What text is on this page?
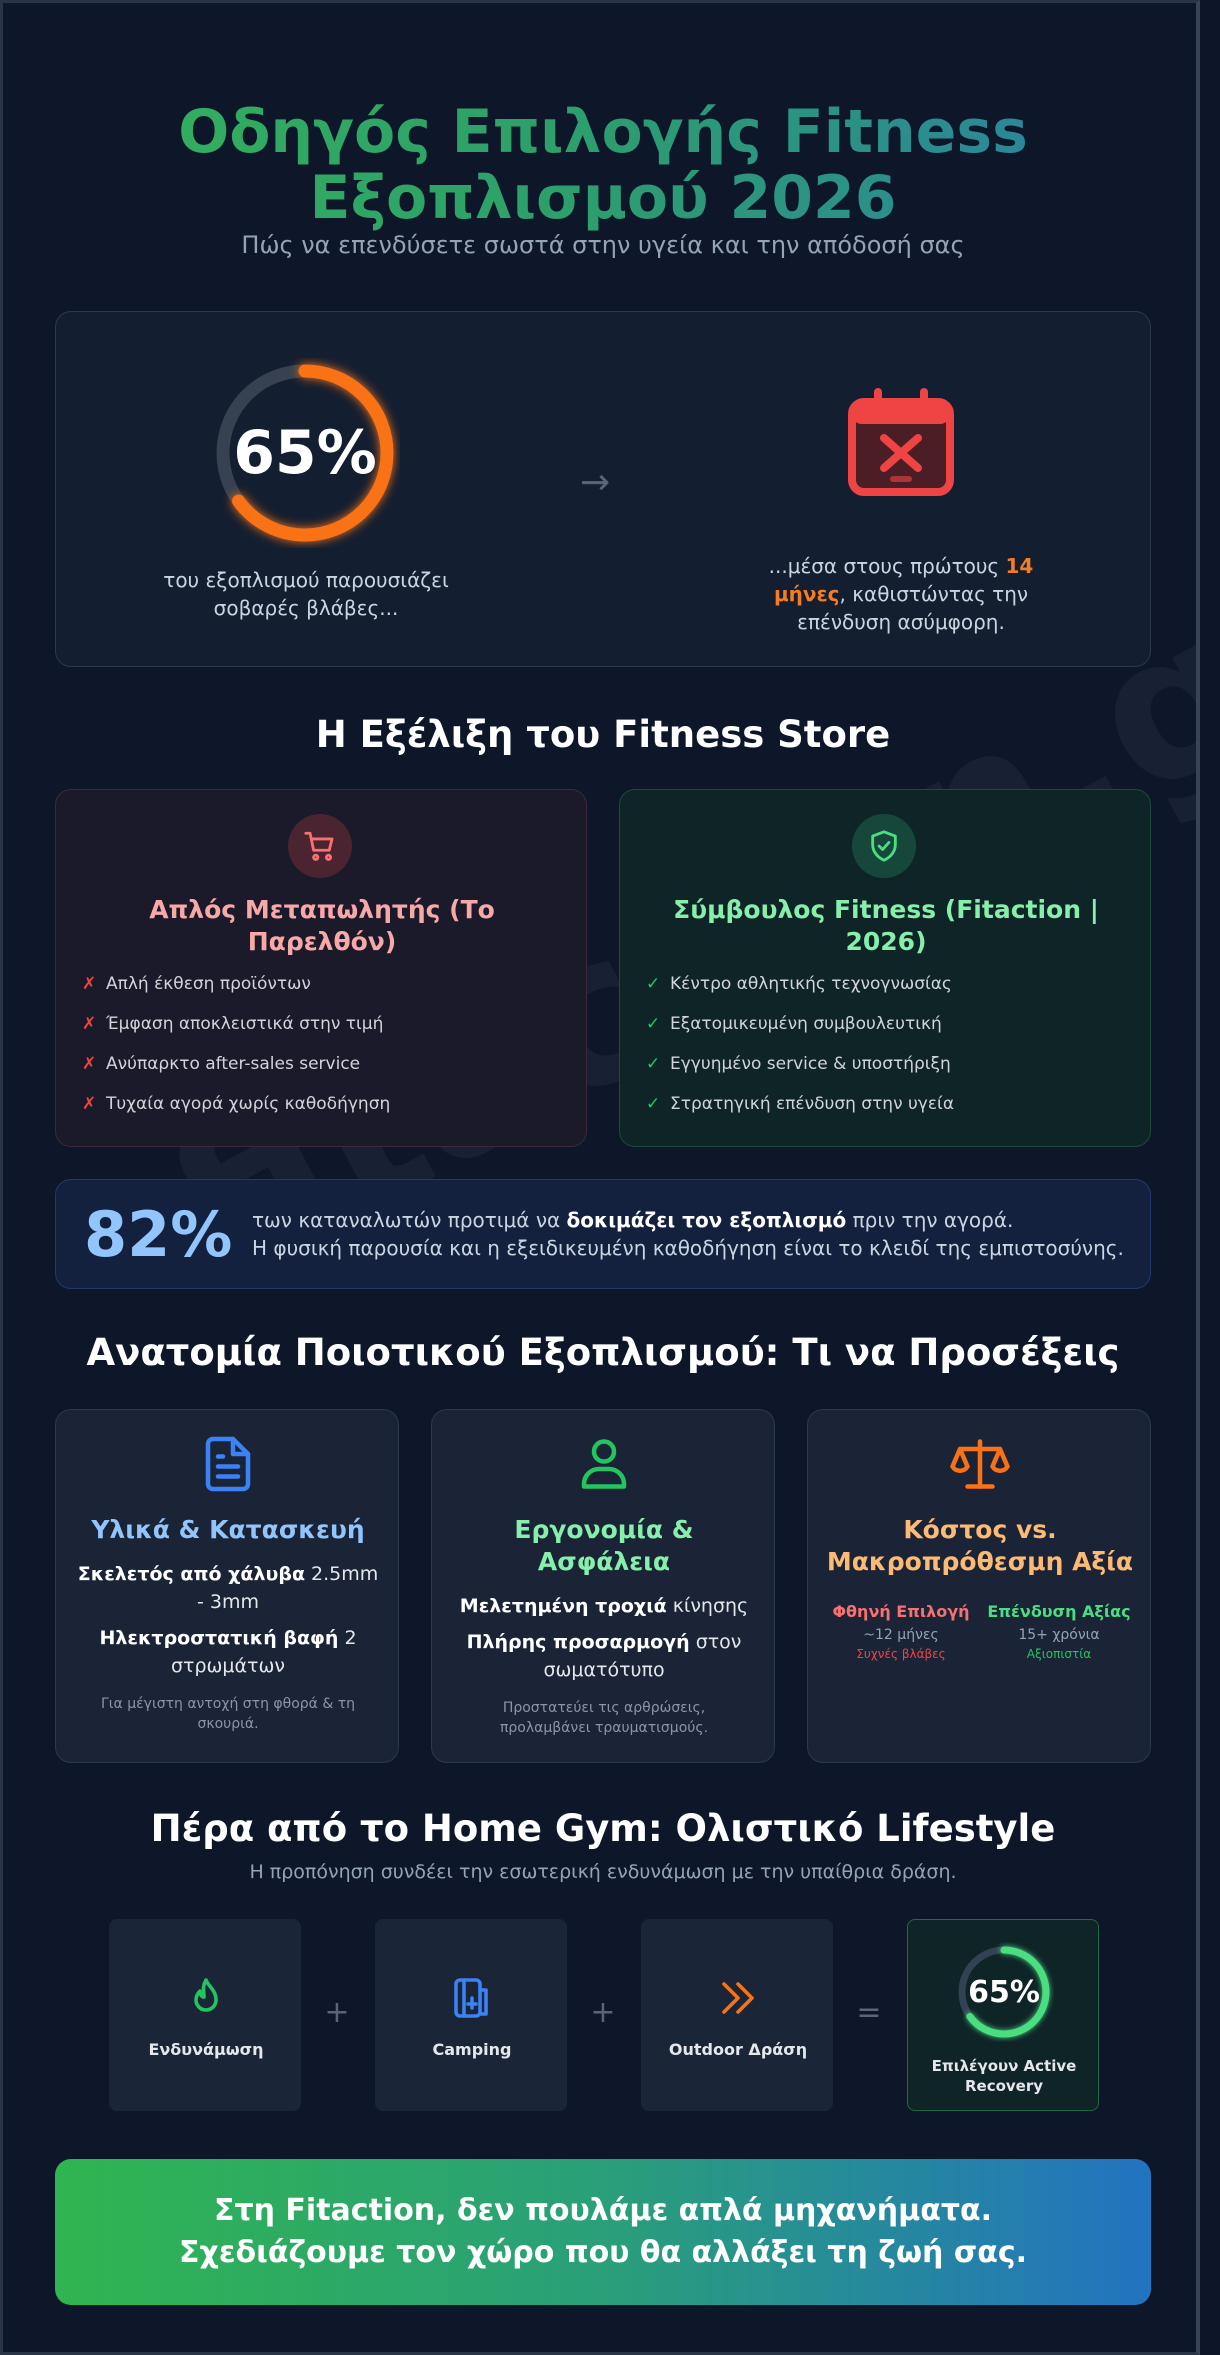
Οδηγός Επιλογής Fitness
Εξοπλισμού 2026
Πώς να επενδύσετε σωστά στην υγεία και την απόδοσή σας
65%
του εξοπλισμού παρουσιάζει σοβαρές βλάβες...
→
...μέσα στους πρώτους 14 μήνες, καθιστώντας την επένδυση ασύμφορη.
Η Εξέλιξη του Fitness Store
Απλός Μεταπωλητής (Το Παρελθόν)
✗ Απλή έκθεση προϊόντων
✗ Έμφαση αποκλειστικά στην τιμή
✗ Ανύπαρκτο after-sales service
✗ Τυχαία αγορά χωρίς καθοδήγηση
Σύμβουλος Fitness (Fitaction | 2026)
✓ Κέντρο αθλητικής τεχνογνωσίας
✓ Εξατομικευμένη συμβουλευτική
✓ Εγγυημένο service & υποστήριξη
✓ Στρατηγική επένδυση στην υγεία
82% των καταναλωτών προτιμά να δοκιμάζει τον εξοπλισμό πριν την αγορά.
Η φυσική παρουσία και η εξειδικευμένη καθοδήγηση είναι το κλειδί της εμπιστοσύνης.
Ανατομία Ποιοτικού Εξοπλισμού: Τι να Προσέξεις
Υλικά & Κατασκευή
Σκελετός από χάλυβα 2.5mm - 3mm
Ηλεκτροστατική βαφή 2 στρωμάτων
Για μέγιστη αντοχή στη φθορά & τη σκουριά.
Εργονομία & Ασφάλεια
Μελετημένη τροχιά κίνησης
Πλήρης προσαρμογή στον σωματότυπο
Προστατεύει τις αρθρώσεις, προλαμβάνει τραυματισμούς.
Κόστος vs. Μακροπρόθεσμη Αξία
Φθηνή Επιλογή
~12 μήνες
Συχνές βλάβες
Επένδυση Αξίας
15+ χρόνια
Αξιοπιστία
Πέρα από το Home Gym: Ολιστικό Lifestyle
Η προπόνηση συνδέει την εσωτερική ενδυνάμωση με την υπαίθρια δράση.
Ενδυνάμωση
+
Camping
+
Outdoor Δράση
=
65%
Επιλέγουν Active Recovery
Στη Fitaction, δεν πουλάμε απλά μηχανήματα.
Σχεδιάζουμε τον χώρο που θα αλλάξει τη ζωή σας.
